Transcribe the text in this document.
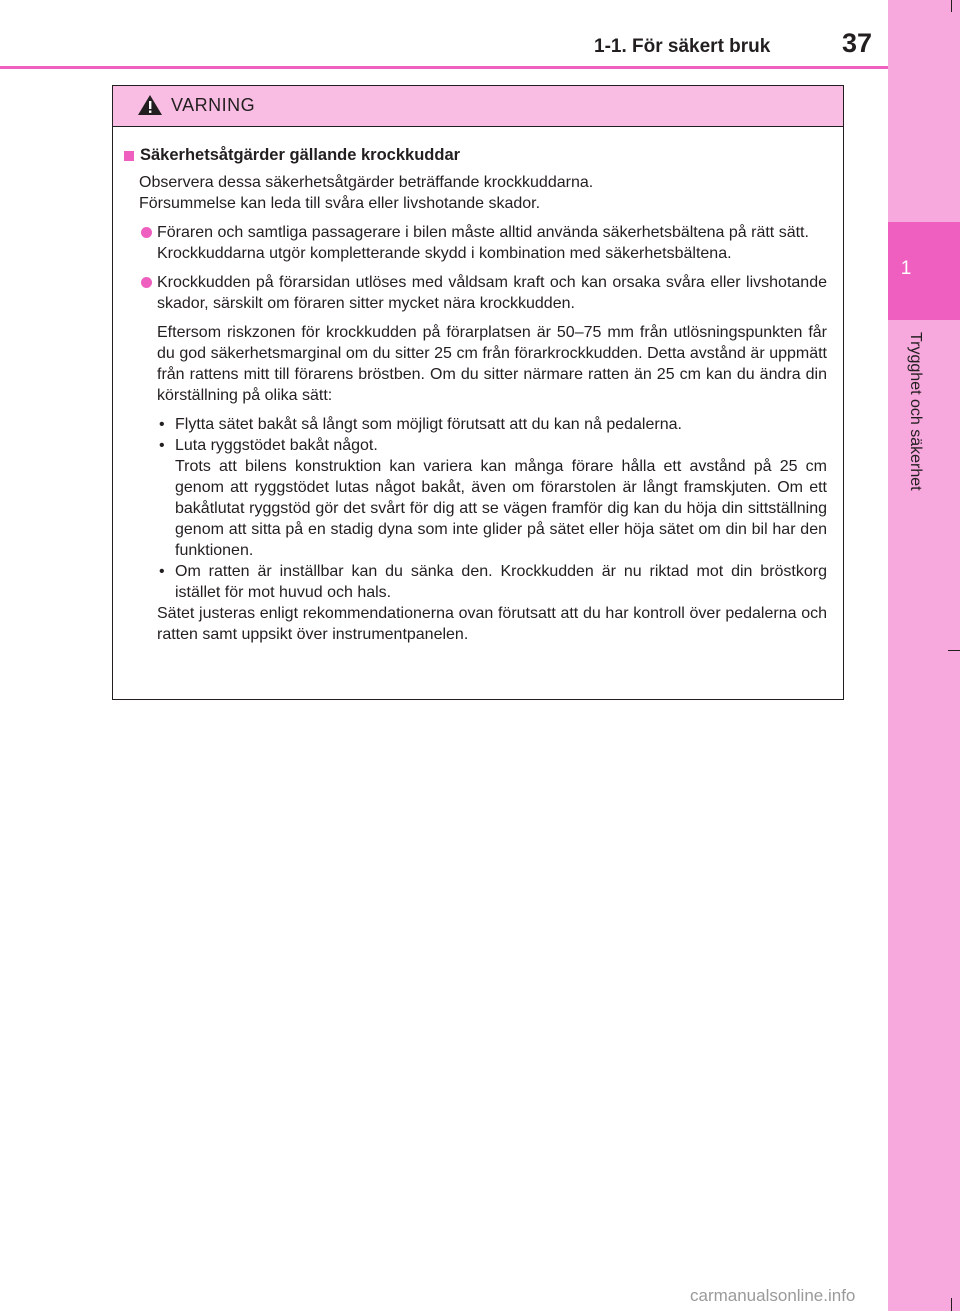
1
Trygghet och säkerhet
1-1. För säkert bruk	37
VARNING
Säkerhetsåtgärder gällande krockkuddar
Observera dessa säkerhetsåtgärder beträffande krockkuddarna.
Försummelse kan leda till svåra eller livshotande skador.
Föraren och samtliga passagerare i bilen måste alltid använda säkerhetsbältena på rätt sätt.
Krockkuddarna utgör kompletterande skydd i kombination med säkerhetsbältena.
Krockkudden på förarsidan utlöses med våldsam kraft och kan orsaka svåra eller livshotande skador, särskilt om föraren sitter mycket nära krockkudden.
Eftersom riskzonen för krockkudden på förarplatsen är 50–75 mm från utlösningspunkten får du god säkerhetsmarginal om du sitter 25 cm från förarkrockkudden. Detta avstånd är uppmätt från rattens mitt till förarens bröstben. Om du sitter närmare ratten än 25 cm kan du ändra din körställning på olika sätt:
• Flytta sätet bakåt så långt som möjligt förutsatt att du kan nå pedalerna.
• Luta ryggstödet bakåt något.
Trots att bilens konstruktion kan variera kan många förare hålla ett avstånd på 25 cm genom att ryggstödet lutas något bakåt, även om förarstolen är långt framskjuten. Om ett bakåtlutat ryggstöd gör det svårt för dig att se vägen framför dig kan du höja din sittställning genom att sitta på en stadig dyna som inte glider på sätet eller höja sätet om din bil har den funktionen.
• Om ratten är inställbar kan du sänka den. Krockkudden är nu riktad mot din bröstkorg istället för mot huvud och hals.
Sätet justeras enligt rekommendationerna ovan förutsatt att du har kontroll över pedalerna och ratten samt uppsikt över instrumentpanelen.
carmanualsonline.info
